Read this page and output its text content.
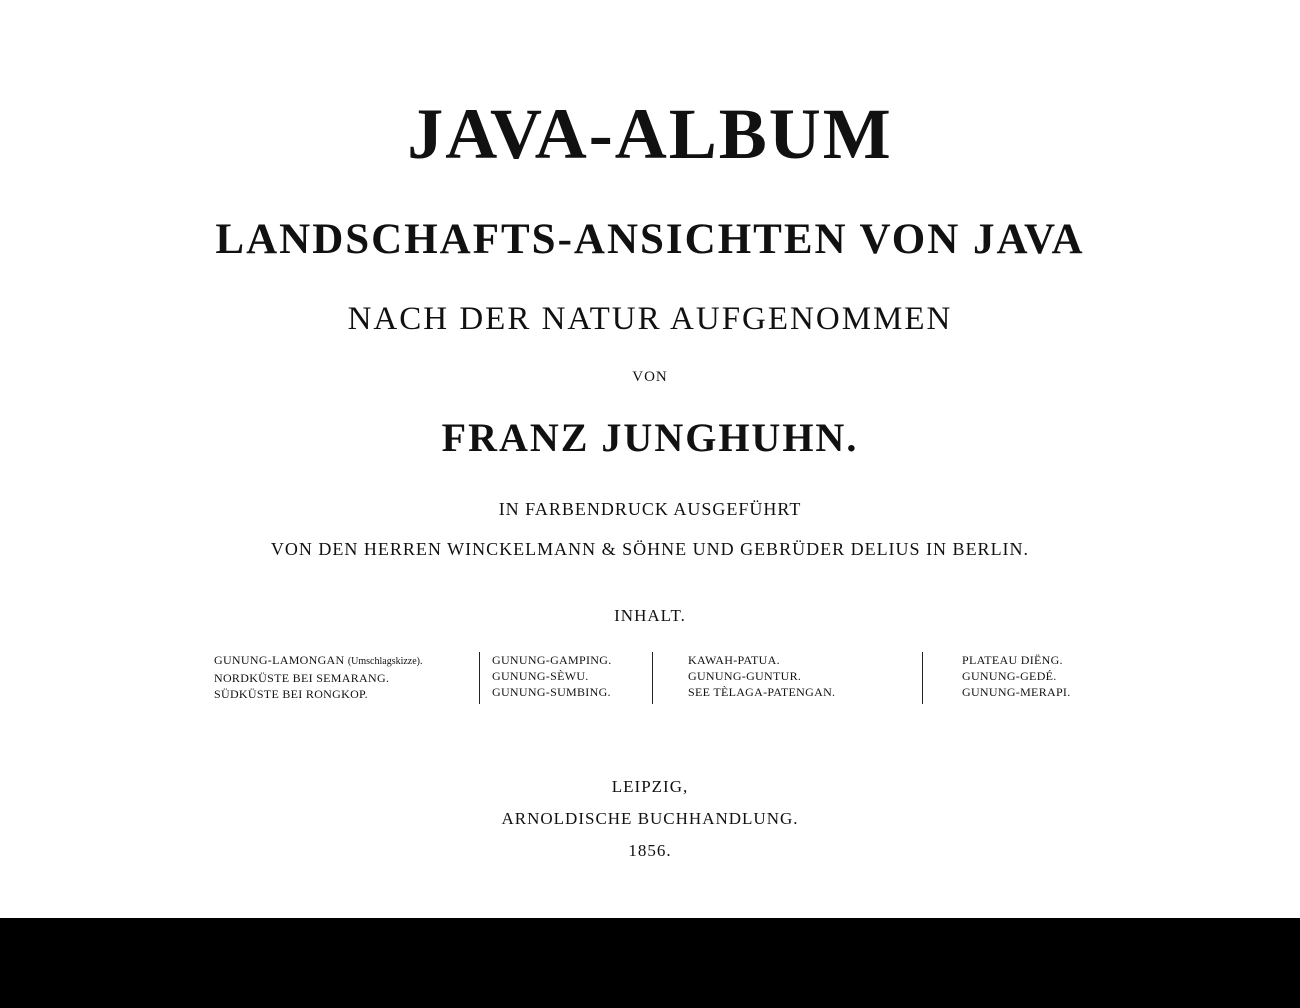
JAVA-ALBUM
LANDSCHAFTS-ANSICHTEN VON JAVA
NACH DER NATUR AUFGENOMMEN
VON
FRANZ JUNGHUHN.
IN FARBENDRUCK AUSGEFÜHRT
VON DEN HERREN WINCKELMANN & SÖHNE UND GEBRÜDER DELIUS IN BERLIN.
INHALT.
GUNUNG-LAMONGAN (Umschlagskizze).
NORDKÜSTE BEI SEMARANG.
SÜDKÜSTE BEI RONGKOP.
GUNUNG-GAMPING.
GUNUNG-SÈWU.
GUNUNG-SUMBING.
KAWAH-PATUA.
GUNUNG-GUNTUR.
SEE TÈLAGA-PATENGAN.
PLATEAU DIËNG.
GUNUNG-GEDÉ.
GUNUNG-MERAPI.
LEIPZIG,
ARNOLDISCHE BUCHHANDLUNG.
1856.
